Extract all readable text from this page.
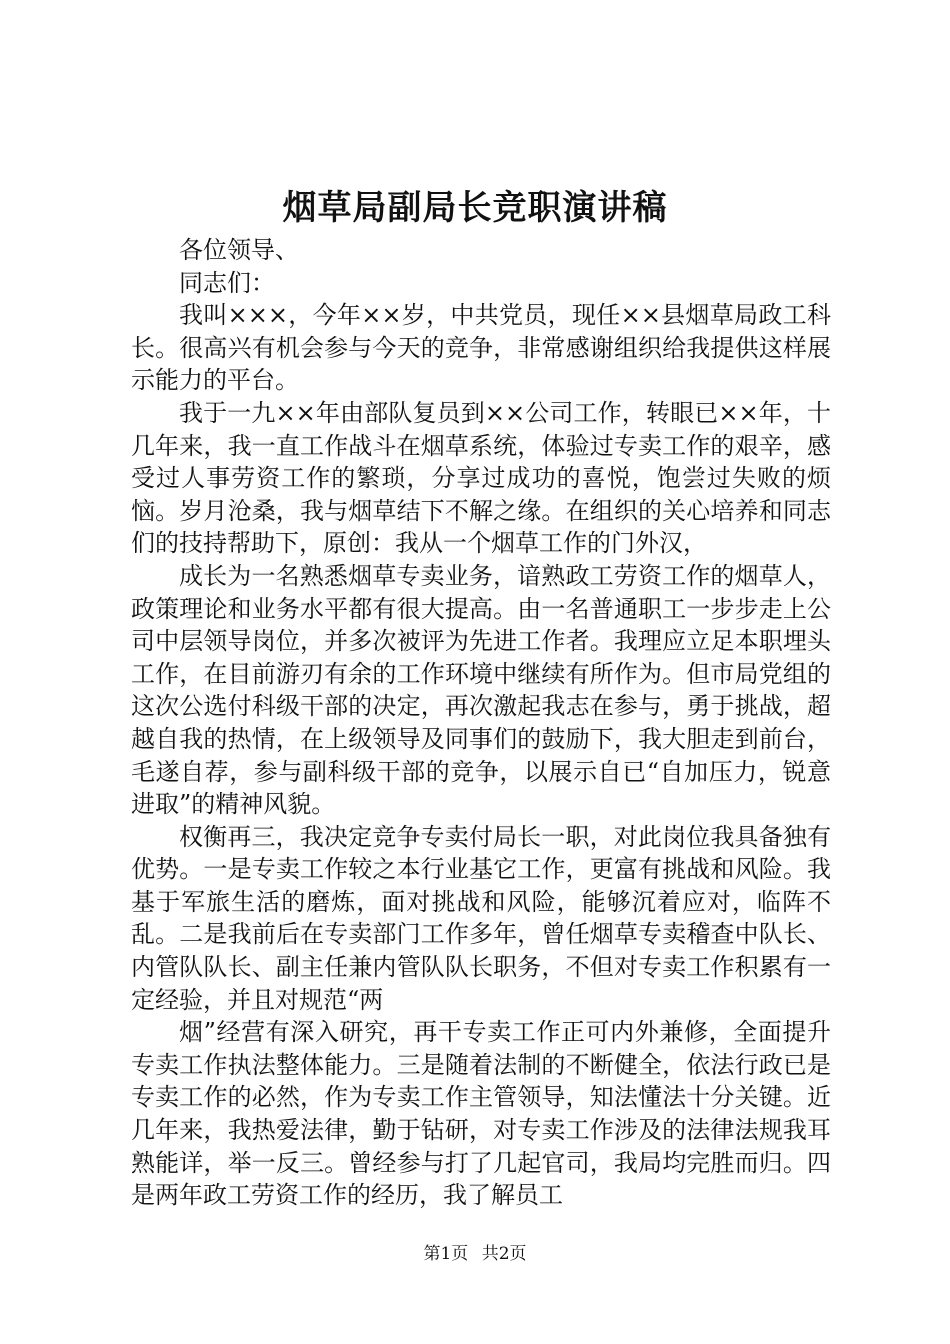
烟草局副局长竞职演讲稿

各位领导、

同志们：

我叫×××，今年××岁，中共党员，现任××县烟草局政工科长。很高兴有机会参与今天的竞争，非常感谢组织给我提供这样展示能力的平台。

我于一九××年由部队复员到××公司工作，转眼已××年，十几年来，我一直工作战斗在烟草系统，体验过专卖工作的艰辛，感受过人事劳资工作的繁琐，分享过成功的喜悦，饱尝过失败的烦恼。岁月沧桑，我与烟草结下不解之缘。在组织的关心培养和同志们的技持帮助下，原创：我从一个烟草工作的门外汉，

成长为一名熟悉烟草专卖业务，谙熟政工劳资工作的烟草人，政策理论和业务水平都有很大提高。由一名普通职工一步步走上公司中层领导岗位，并多次被评为先进工作者。我理应立足本职埋头工作，在目前游刃有余的工作环境中继续有所作为。但市局党组的这次公选付科级干部的决定，再次激起我志在参与，勇于挑战，超越自我的热情，在上级领导及同事们的鼓励下，我大胆走到前台，毛遂自荐，参与副科级干部的竞争，以展示自已“自加压力，锐意进取”的精神风貌。

权衡再三，我决定竞争专卖付局长一职，对此岗位我具备独有优势。一是专卖工作较之本行业基它工作，更富有挑战和风险。我基于军旅生活的磨炼，面对挑战和风险，能够沉着应对，临阵不乱。二是我前后在专卖部门工作多年，曾任烟草专卖稽查中队长、内管队队长、副主任兼内管队队长职务，不但对专卖工作积累有一定经验，并且对规范“两

烟”经营有深入研究，再干专卖工作正可内外兼修，全面提升专卖工作执法整体能力。三是随着法制的不断健全，依法行政已是专卖工作的必然，作为专卖工作主管领导，知法懂法十分关键。近几年来，我热爱法律，勤于钻研，对专卖工作涉及的法律法规我耳熟能详，举一反三。曾经参与打了几起官司，我局均完胜而归。四是两年政工劳资工作的经历，我了解员工

第1页 共2页
